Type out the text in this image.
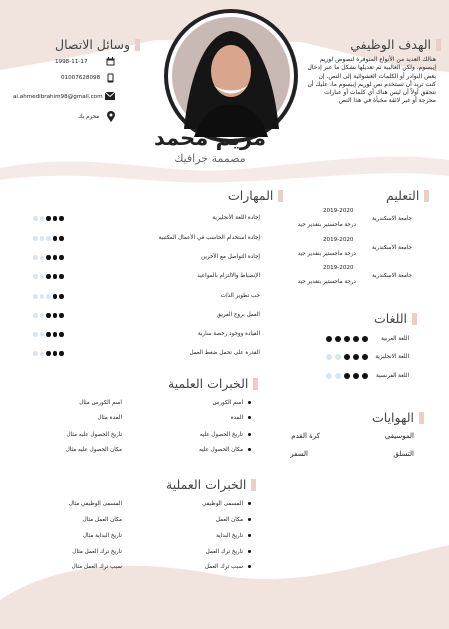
مريم محمد
مصممة جرافيك
الهدف الوظيفي
هنالك العديد من الأنواع المتوفرة لنصوص لوريم إيبسوم، ولكن الغالبية تم تعديلها بشكل ما عبر إدخال بعض النوادر أو الكلمات العشوائية إلى النص. إن كنت تريد أن تستخدم نص لوريم إيبسوم ما، عليك أن تتحقق أولاً أن ليس هناك أي كلمات أو عبارات محرجة أو غير لائقة مخبأة في هذا النص
وسائل الاتصال
1998-11-17
01007628098
ai.ahmedibrahim98@gmail.com
محرم بك
المهارات	التعليم
اللغات
الهوايات
الموسيقى
كرة القدم
التسلق
السفر
الخبرات العلمية
الخبرات العملية
إجادة اللغة الأنجليزية
إجادة استخدام الحاسب في الأعمال المكتبية
إجادة التواصل مع الآخرين
الإنضباط والالتزام بالمواعيد
حب تطوير الذات
العمل بروح الفريق
القيادة ووجود رخصة سارية
القدرة على تحمل ضغط العمل
جامعة الاسكندرية
2019-2020
درجة ماجستير بتقدير جيد
جامعة الاسكندرية
2019-2020
درجة ماجستير بتقدير جيد
جامعة الاسكندرية
2019-2020
درجة ماجستير بتقدير جيد
اللغة العربية
اللغة الانجليزية
اللغة الفرنسية
اسم الكورس
اسم الكورس مثال
المدة
المدة مثال
تاريخ الحصول عليه
تاريخ الحصول عليه مثال
مكان الحصول عليه
مكان الحصول عليه مثال
المسمى الوظيفي
المسمى الوظيفي مثال
مكان العمل
مكان العمل مثال
تاريخ البداية
تاريخ البداية مثال
تاريخ ترك العمل
تاريخ ترك العمل مثال
سبب ترك العمل
سبب ترك العمل مثال
